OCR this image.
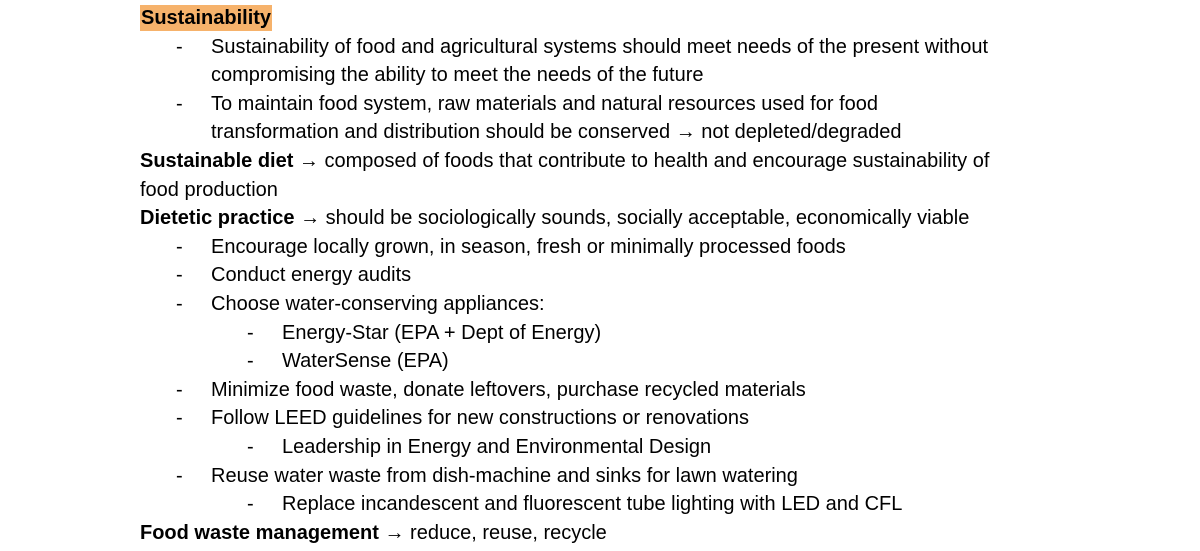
Sustainability
- Sustainability of food and agricultural systems should meet needs of the present without
compromising the ability to meet the needs of the future
- To maintain food system, raw materials and natural resources used for food
transformation and distribution should be conserved → not depleted/degraded
Sustainable diet → composed of foods that contribute to health and encourage sustainability of
food production
Dietetic practice → should be sociologically sounds, socially acceptable, economically viable
- Encourage locally grown, in season, fresh or minimally processed foods
- Conduct energy audits
- Choose water-conserving appliances:
- Energy-Star (EPA + Dept of Energy)
- WaterSense (EPA)
- Minimize food waste, donate leftovers, purchase recycled materials
- Follow LEED guidelines for new constructions or renovations
- Leadership in Energy and Environmental Design
- Reuse water waste from dish-machine and sinks for lawn watering
- Replace incandescent and fluorescent tube lighting with LED and CFL
Food waste management → reduce, reuse, recycle
